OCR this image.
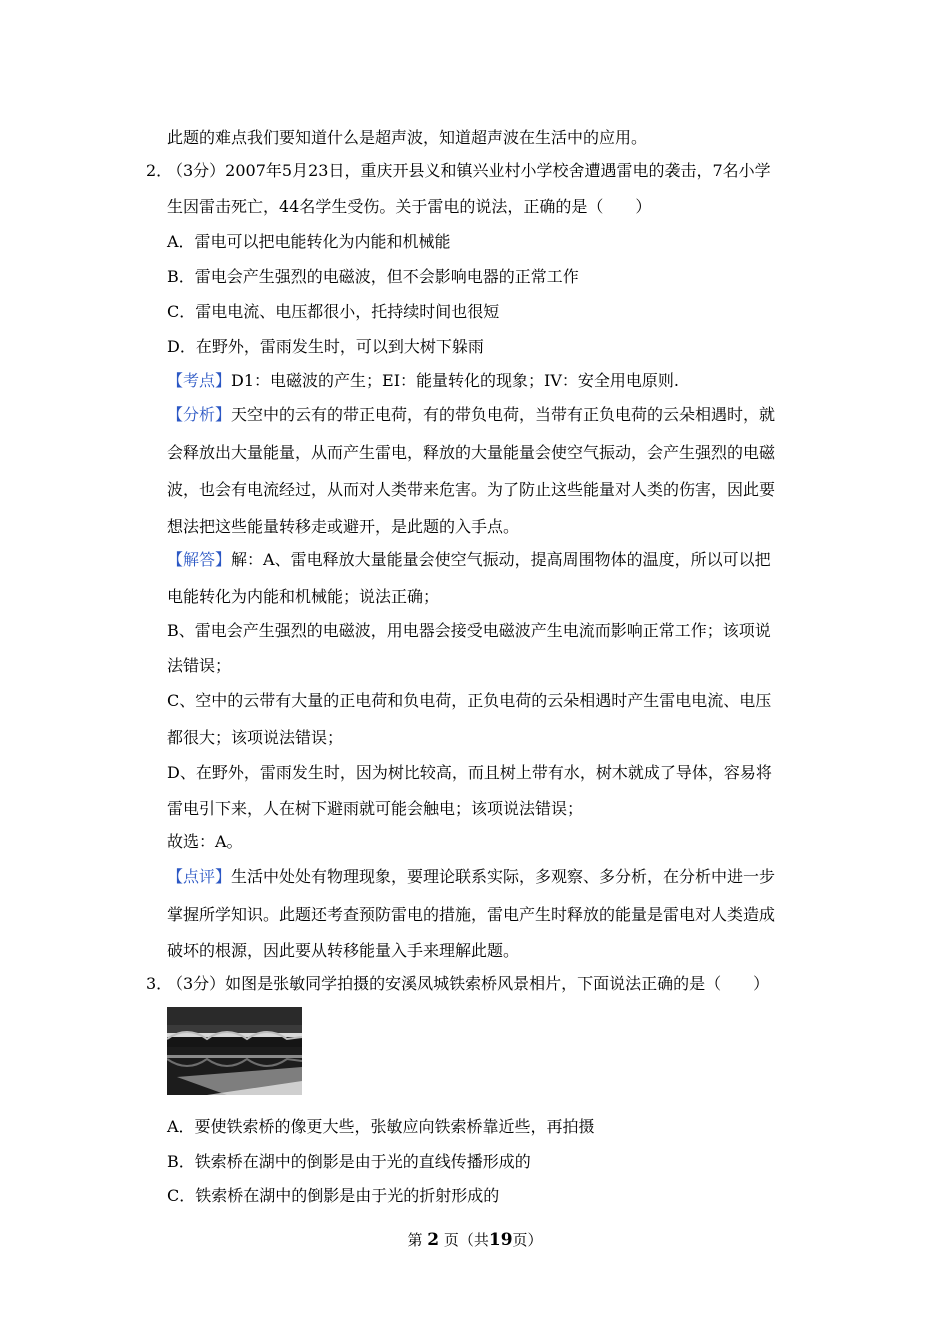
此题的难点我们要知道什么是超声波，知道超声波在生活中的应用。
2．
（3分）2007年5月23日，重庆开县义和镇兴业村小学校舍遭遇雷电的袭击，7名小学
生因雷击死亡，44名学生受伤。关于雷电的说法，正确的是（　　）
A．雷电可以把电能转化为内能和机械能
B．雷电会产生强烈的电磁波，但不会影响电器的正常工作
C．雷电电流、电压都很小，托持续时间也很短
D．在野外，雷雨发生时，可以到大树下躲雨
【考点】D1：电磁波的产生；EI：能量转化的现象；IV：安全用电原则.
【分析】天空中的云有的带正电荷，有的带负电荷，当带有正负电荷的云朵相遇时，就
会释放出大量能量，从而产生雷电，释放的大量能量会使空气振动，会产生强烈的电磁
波，也会有电流经过，从而对人类带来危害。为了防止这些能量对人类的伤害，因此要
想法把这些能量转移走或避开，是此题的入手点。
【解答】解：A、雷电释放大量能量会使空气振动，提高周围物体的温度，所以可以把
电能转化为内能和机械能；说法正确；
B、雷电会产生强烈的电磁波，用电器会接受电磁波产生电流而影响正常工作；该项说
法错误；
C、空中的云带有大量的正电荷和负电荷，正负电荷的云朵相遇时产生雷电电流、电压
都很大；该项说法错误；
D、在野外，雷雨发生时，因为树比较高，而且树上带有水，树木就成了导体，容易将
雷电引下来，人在树下避雨就可能会触电；该项说法错误；
故选：A。
【点评】生活中处处有物理现象，要理论联系实际，多观察、多分析，在分析中进一步
掌握所学知识。此题还考查预防雷电的措施，雷电产生时释放的能量是雷电对人类造成
破坏的根源，因此要从转移能量入手来理解此题。
3．
（3分）如图是张敏同学拍摄的安溪凤城铁索桥风景相片，下面说法正确的是（　　）
A．要使铁索桥的像更大些，张敏应向铁索桥靠近些，再拍摄
B．铁索桥在湖中的倒影是由于光的直线传播形成的
C．铁索桥在湖中的倒影是由于光的折射形成的
第 2 页（共19页）
